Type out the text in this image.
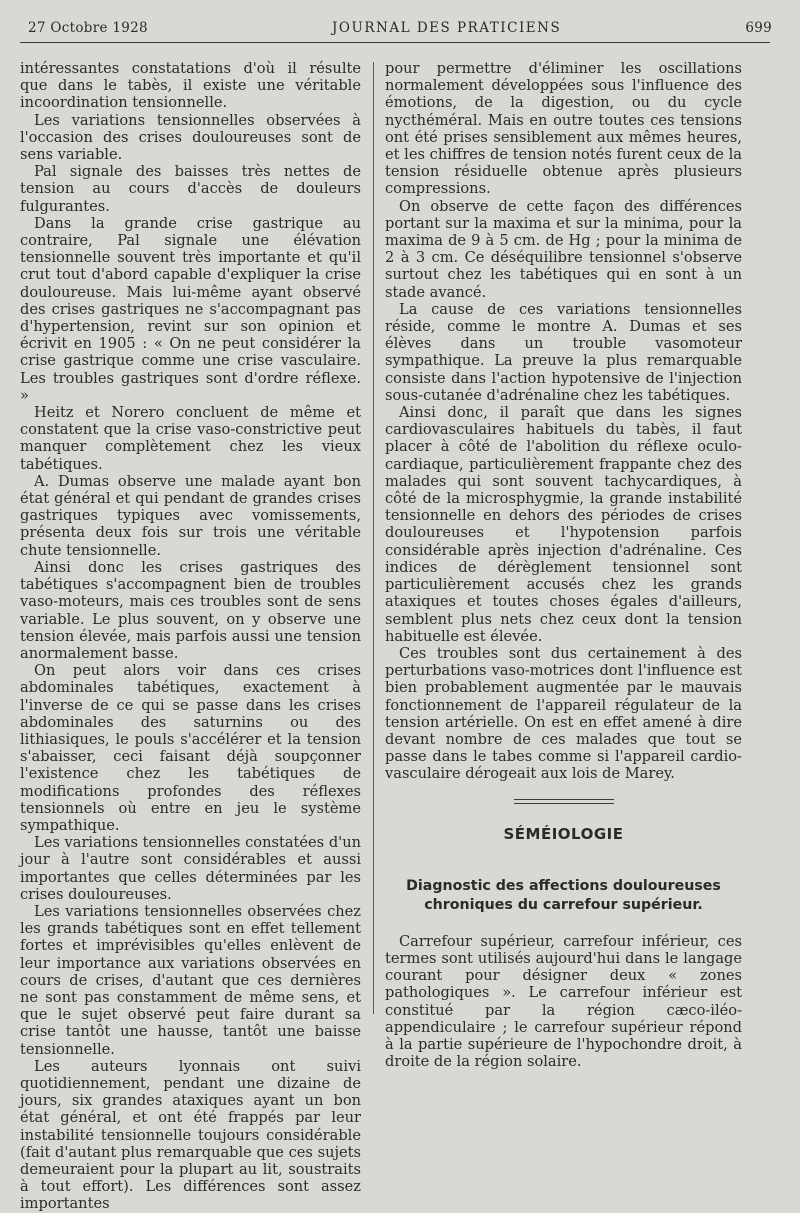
27 Octobre 1928	JOURNAL DES PRATICIENS	699

intéressantes constatations d'où il résulte que dans le tabès, il existe une véritable incoordination tensionnelle.

Les variations tensionnelles observées à l'occasion des crises douloureuses sont de sens variable.

Pal signale des baisses très nettes de tension au cours d'accès de douleurs fulgurantes.

Dans la grande crise gastrique au contraire, Pal signale une élévation tensionnelle souvent très importante et qu'il crut tout d'abord capable d'expliquer la crise douloureuse. Mais lui-même ayant observé des crises gastriques ne s'accompagnant pas d'hypertension, revint sur son opinion et écrivit en 1905 : « On ne peut considérer la crise gastrique comme une crise vasculaire. Les troubles gastriques sont d'ordre réflexe. »

Heitz et Norero concluent de même et constatent que la crise vaso-constrictive peut manquer complètement chez les vieux tabétiques.

A. Dumas observe une malade ayant bon état général et qui pendant de grandes crises gastriques typiques avec vomissements, présenta deux fois sur trois une véritable chute tensionnelle.

Ainsi donc les crises gastriques des tabétiques s'accompagnent bien de troubles vaso-moteurs, mais ces troubles sont de sens variable. Le plus souvent, on y observe une tension élevée, mais parfois aussi une tension anormalement basse.

On peut alors voir dans ces crises abdominales tabétiques, exactement à l'inverse de ce qui se passe dans les crises abdominales des saturnins ou des lithiasiques, le pouls s'accélérer et la tension s'abaisser, ceci faisant déjà soupçonner l'existence chez les tabétiques de modifications profondes des réflexes tensionnels où entre en jeu le système sympathique.

Les variations tensionnelles constatées d'un jour à l'autre sont considérables et aussi importantes que celles déterminées par les crises douloureuses.

Les variations tensionnelles observées chez les grands tabétiques sont en effet tellement fortes et imprévisibles qu'elles enlèvent de leur importance aux variations observées en cours de crises, d'autant que ces dernières ne sont pas constamment de même sens, et que le sujet observé peut faire durant sa crise tantôt une hausse, tantôt une baisse tensionnelle.

Les auteurs lyonnais ont suivi quotidiennement, pendant une dizaine de jours, six grandes ataxiques ayant un bon état général, et ont été frappés par leur instabilité tensionnelle toujours considérable (fait d'autant plus remarquable que ces sujets demeuraient pour la plupart au lit, soustraits à tout effort). Les différences sont assez importantes

pour permettre d'éliminer les oscillations normalement développées sous l'influence des émotions, de la digestion, ou du cycle nycthéméral. Mais en outre toutes ces tensions ont été prises sensiblement aux mêmes heures, et les chiffres de tension notés furent ceux de la tension résiduelle obtenue après plusieurs compressions.

On observe de cette façon des différences portant sur la maxima et sur la minima, pour la maxima de 9 à 5 cm. de Hg ; pour la minima de 2 à 3 cm. Ce déséquilibre tensionnel s'observe surtout chez les tabétiques qui en sont à un stade avancé.

La cause de ces variations tensionnelles réside, comme le montre A. Dumas et ses élèves dans un trouble vasomoteur sympathique. La preuve la plus remarquable consiste dans l'action hypotensive de l'injection sous-cutanée d'adrénaline chez les tabétiques.

Ainsi donc, il paraît que dans les signes cardiovasculaires habituels du tabès, il faut placer à côté de l'abolition du réflexe oculo-cardiaque, particulièrement frappante chez des malades qui sont souvent tachycardiques, à côté de la microsphygmie, la grande instabilité tensionnelle en dehors des périodes de crises douloureuses et l'hypotension parfois considérable après injection d'adrénaline. Ces indices de dérèglement tensionnel sont particulièrement accusés chez les grands ataxiques et toutes choses égales d'ailleurs, semblent plus nets chez ceux dont la tension habituelle est élevée.

Ces troubles sont dus certainement à des perturbations vaso-motrices dont l'influence est bien probablement augmentée par le mauvais fonctionnement de l'appareil régulateur de la tension artérielle. On est en effet amené à dire devant nombre de ces malades que tout se passe dans le tabes comme si l'appareil cardio-vasculaire dérogeait aux lois de Marey.

SÉMÉIOLOGIE
Diagnostic des affections douloureuses
chroniques du carrefour supérieur.

Carrefour supérieur, carrefour inférieur, ces termes sont utilisés aujourd'hui dans le langage courant pour désigner deux « zones pathologiques ». Le carrefour inférieur est constitué par la région cæco-iléo-appendiculaire ; le carrefour supérieur répond à la partie supérieure de l'hypochondre droit, à droite de la région solaire.
